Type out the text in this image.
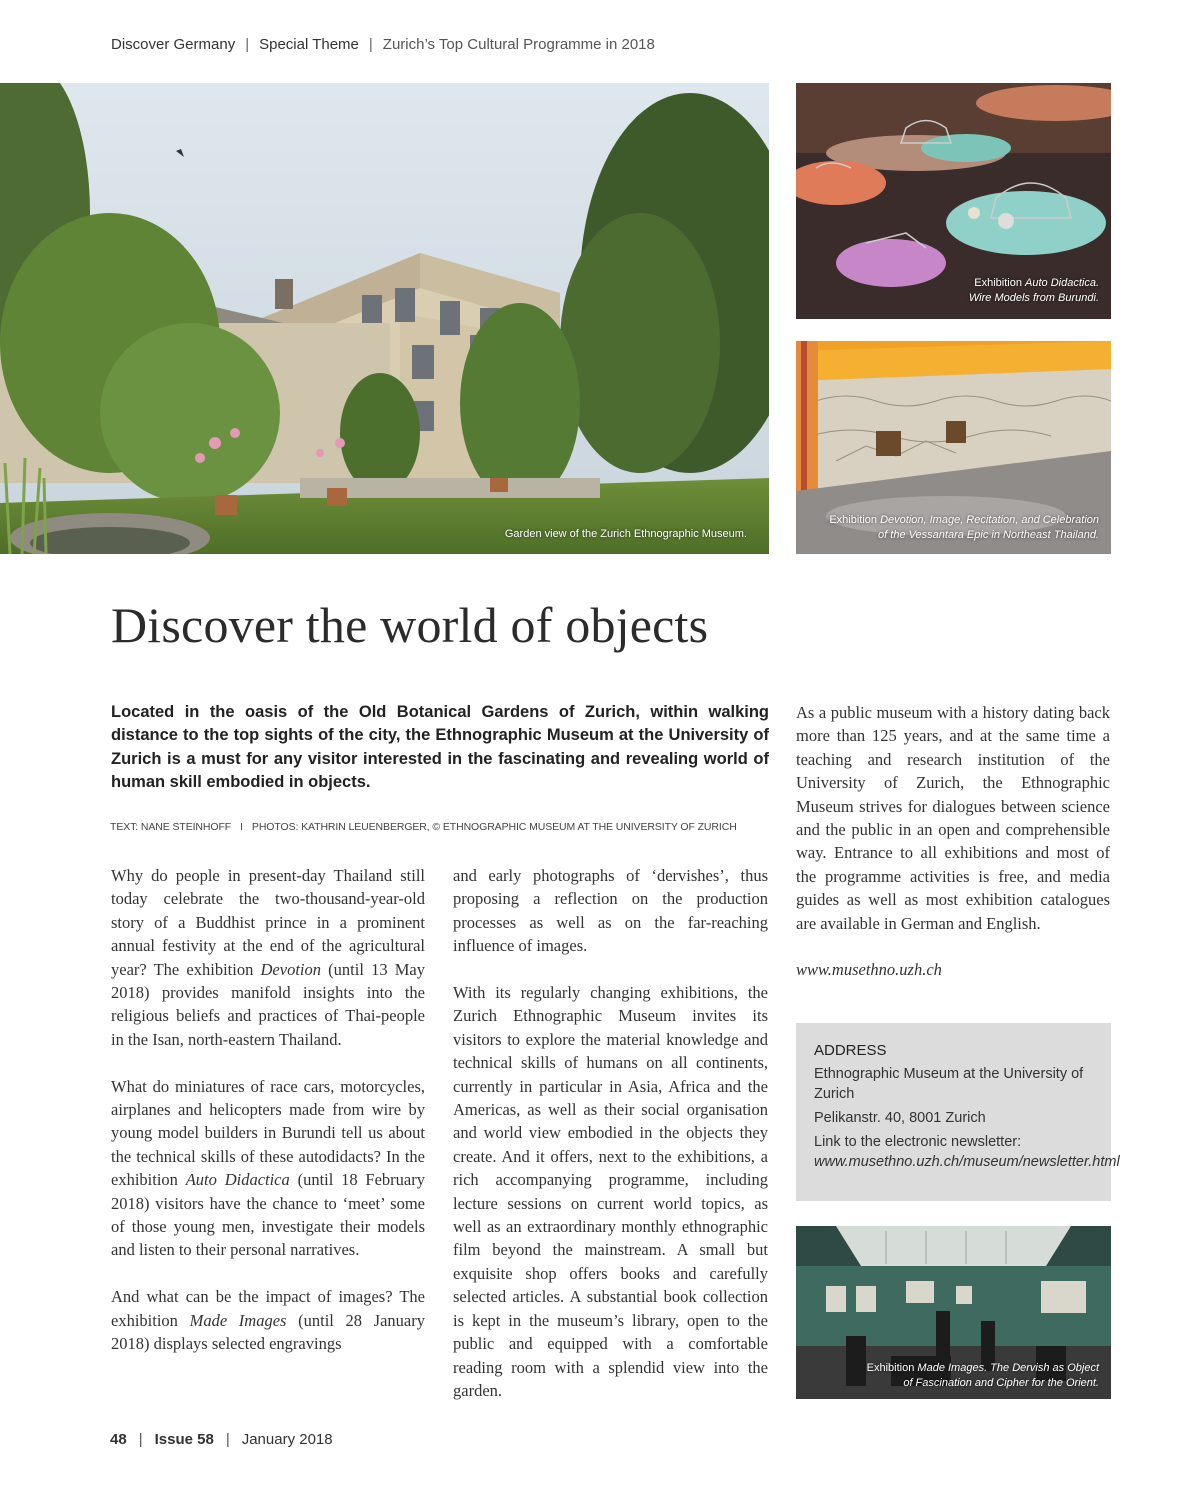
Discover Germany | Special Theme | Zurich’s Top Cultural Programme in 2018
Garden view of the Zurich Ethnographic Museum.
Exhibition Auto Didactica.
Wire Models from Burundi.
Exhibition Devotion, Image, Recitation, and Celebration
of the Vessantara Epic in Northeast Thailand.
Discover the world of objects
Located in the oasis of the Old Botanical Gardens of Zurich, within walking distance to the top sights of the city, the Ethnographic Museum at the University of Zurich is a must for any visitor interested in the fascinating and revealing world of human skill embodied in objects.
TEXT: NANE STEINHOFF I PHOTOS: KATHRIN LEUENBERGER, © ETHNOGRAPHIC MUSEUM AT THE UNIVERSITY OF ZURICH

Why do people in present-day Thailand still today celebrate the two-thousand-year-old story of a Buddhist prince in a prominent annual festivity at the end of the agricultural year? The exhibition Devotion (until 13 May 2018) provides manifold insights into the religious beliefs and practices of Thai-people in the Isan, north-eastern Thailand.

What do miniatures of race cars, motorcycles, airplanes and helicopters made from wire by young model builders in Burundi tell us about the technical skills of these autodidacts? In the exhibition Auto Didactica (until 18 February 2018) visitors have the chance to ‘meet’ some of those young men, investigate their models and listen to their personal narratives.

And what can be the impact of images? The exhibition Made Images (until 28 January 2018) displays selected engravings

and early photographs of ‘dervishes’, thus proposing a reflection on the production processes as well as on the far-reaching influence of images.

With its regularly changing exhibitions, the Zurich Ethnographic Museum invites its visitors to explore the material knowledge and technical skills of humans on all continents, currently in particular in Asia, Africa and the Americas, as well as their social organisation and world view embodied in the objects they create. And it offers, next to the exhibitions, a rich accompanying programme, including lecture sessions on current world topics, as well as an extraordinary monthly ethnographic film beyond the mainstream. A small but exquisite shop offers books and carefully selected articles. A substantial book collection is kept in the museum’s library, open to the public and equipped with a comfortable reading room with a splendid view into the garden.

As a public museum with a history dating back more than 125 years, and at the same time a teaching and research institution of the University of Zurich, the Ethnographic Museum strives for dialogues between science and the public in an open and comprehensible way. Entrance to all exhibitions and most of the programme activities is free, and media guides as well as most exhibition catalogues are available in German and English.

www.musethno.uzh.ch

ADDRESS
Ethnographic Museum at the University of Zurich
Pelikanstr. 40, 8001 Zurich
Link to the electronic newsletter:
www.musethno.uzh.ch/museum/newsletter.html
Exhibition Made Images. The Dervish as Object
of Fascination and Cipher for the Orient.
48 | Issue 58 | January 2018
